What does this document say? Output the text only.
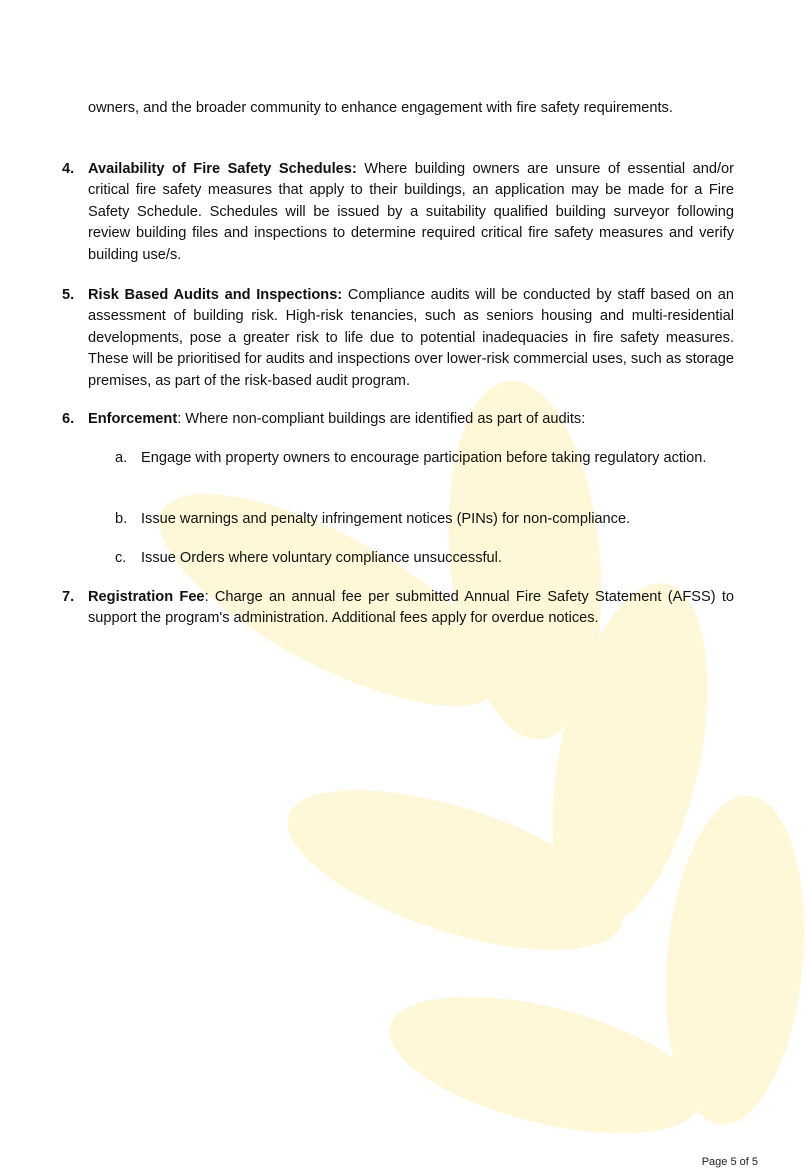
owners, and the broader community to enhance engagement with fire safety requirements.

4. Availability of Fire Safety Schedules: Where building owners are unsure of essential and/or critical fire safety measures that apply to their buildings, an application may be made for a Fire Safety Schedule. Schedules will be issued by a suitability qualified building surveyor following review building files and inspections to determine required critical fire safety measures and verify building use/s.
5. Risk Based Audits and Inspections: Compliance audits will be conducted by staff based on an assessment of building risk. High-risk tenancies, such as seniors housing and multi-residential developments, pose a greater risk to life due to potential inadequacies in fire safety measures. These will be prioritised for audits and inspections over lower-risk commercial uses, such as storage premises, as part of the risk-based audit program.
6. Enforcement: Where non-compliant buildings are identified as part of audits:
a. Engage with property owners to encourage participation before taking regulatory action.
b. Issue warnings and penalty infringement notices (PINs) for non-compliance.
c. Issue Orders where voluntary compliance unsuccessful.
7. Registration Fee: Charge an annual fee per submitted Annual Fire Safety Statement (AFSS) to support the program's administration. Additional fees apply for overdue notices.
Page 5 of 5
